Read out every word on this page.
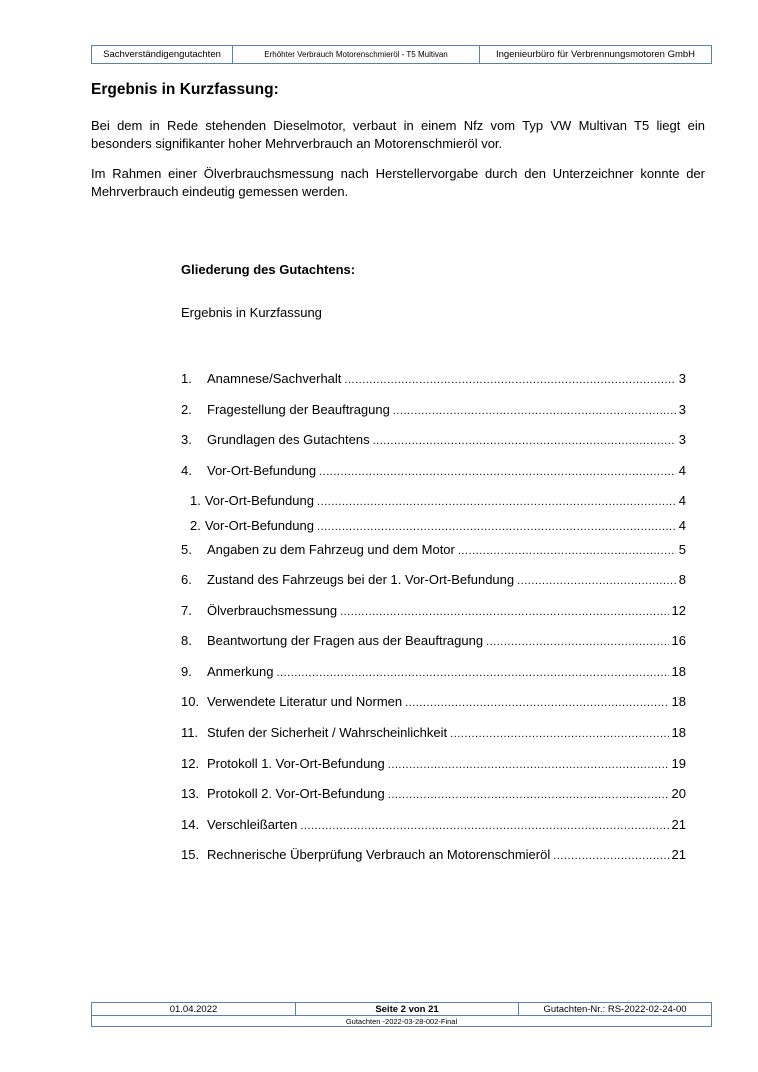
Sachverständigengutachten	Erhöhter Verbrauch Motorenschmieröl - T5 Multivan	Ingenieurbüro für Verbrennungsmotoren GmbH
Ergebnis in Kurzfassung:
Bei dem in Rede stehenden Dieselmotor, verbaut in einem Nfz vom Typ VW Multivan T5 liegt ein besonders signifikanter hoher Mehrverbrauch an Motorenschmieröl vor.
Im Rahmen einer Ölverbrauchsmessung nach Herstellervorgabe durch den Unterzeichner konnte der Mehrverbrauch eindeutig gemessen werden.
Gliederung des Gutachtens:
Ergebnis in Kurzfassung
1.	Anamnese/Sachverhalt .....	3
2.	Fragestellung der Beauftragung .....	3
3.	Grundlagen des Gutachtens .....	3
4.	Vor-Ort-Befundung .....	4
1. Vor-Ort-Befundung .....	4
2. Vor-Ort-Befundung .....	4
5.	Angaben zu dem Fahrzeug und dem Motor .....	5
6.	Zustand des Fahrzeugs bei der 1. Vor-Ort-Befundung .....	8
7.	Ölverbrauchsmessung .....	12
8.	Beantwortung der Fragen aus der Beauftragung .....	16
9.	Anmerkung .....	18
10. Verwendete Literatur und Normen .....	18
11. Stufen der Sicherheit / Wahrscheinlichkeit .....	18
12. Protokoll 1. Vor-Ort-Befundung .....	19
13. Protokoll 2. Vor-Ort-Befundung .....	20
14. Verschleißarten .....	21
15. Rechnerische Überprüfung Verbrauch an Motorenschmieröl .....	21
01.04.2022	Seite 2 von 21	Gutachten-Nr.: RS-2022-02-24-00
Gutachten -2022-03-28-002-Final
